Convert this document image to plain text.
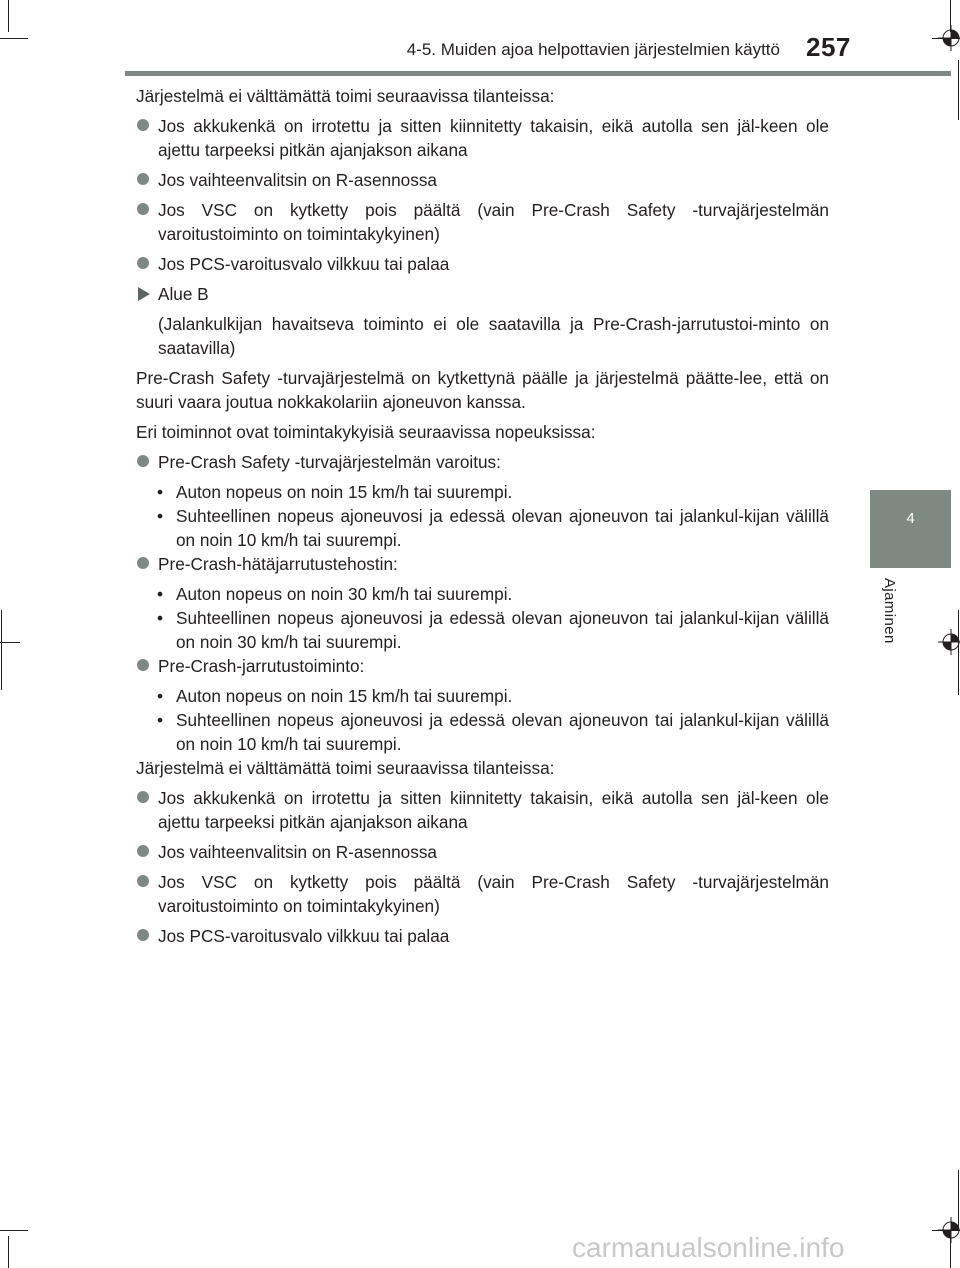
4-5. Muiden ajoa helpottavien järjestelmien käyttö 257
4
Ajaminen

Järjestelmä ei välttämättä toimi seuraavissa tilanteissa:

Jos akkukenkä on irrotettu ja sitten kiinnitetty takaisin, eikä autolla sen jäl-keen ole ajettu tarpeeksi pitkän ajanjakson aikana
Jos vaihteenvalitsin on R-asennossa
Jos VSC on kytketty pois päältä (vain Pre-Crash Safety -turvajärjestelmän varoitustoiminto on toimintakykyinen)
Jos PCS-varoitusvalo vilkkuu tai palaa
Alue B
(Jalankulkijan havaitseva toiminto ei ole saatavilla ja Pre-Crash-jarrutustoi-minto on saatavilla)

Pre-Crash Safety -turvajärjestelmä on kytkettynä päälle ja järjestelmä päätte-lee, että on suuri vaara joutua nokkakolariin ajoneuvon kanssa.

Eri toiminnot ovat toimintakykyisiä seuraavissa nopeuksissa:

Pre-Crash Safety -turvajärjestelmän varoitus:
• Auton nopeus on noin 15 km/h tai suurempi.
• Suhteellinen nopeus ajoneuvosi ja edessä olevan ajoneuvon tai jalankul-kijan välillä on noin 10 km/h tai suurempi.
Pre-Crash-hätäjarrutustehostin:
• Auton nopeus on noin 30 km/h tai suurempi.
• Suhteellinen nopeus ajoneuvosi ja edessä olevan ajoneuvon tai jalankul-kijan välillä on noin 30 km/h tai suurempi.
Pre-Crash-jarrutustoiminto:
• Auton nopeus on noin 15 km/h tai suurempi.
• Suhteellinen nopeus ajoneuvosi ja edessä olevan ajoneuvon tai jalankul-kijan välillä on noin 10 km/h tai suurempi.

Järjestelmä ei välttämättä toimi seuraavissa tilanteissa:

Jos akkukenkä on irrotettu ja sitten kiinnitetty takaisin, eikä autolla sen jäl-keen ole ajettu tarpeeksi pitkän ajanjakson aikana
Jos vaihteenvalitsin on R-asennossa
Jos VSC on kytketty pois päältä (vain Pre-Crash Safety -turvajärjestelmän varoitustoiminto on toimintakykyinen)
Jos PCS-varoitusvalo vilkkuu tai palaa
carmanualsonline.info
